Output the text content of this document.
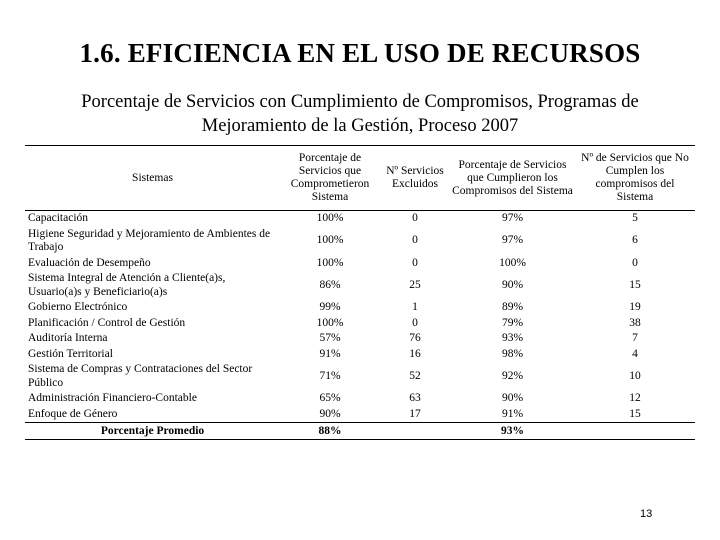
1.6. EFICIENCIA EN EL USO DE RECURSOS
Porcentaje de Servicios con Cumplimiento de Compromisos, Programas de Mejoramiento de la Gestión, Proceso 2007
Sistemas	Porcentaje de Servicios que Comprometieron Sistema	Nº Servicios Excluidos	Porcentaje de Servicios que Cumplieron los Compromisos del Sistema	Nº de Servicios que No Cumplen los compromisos del Sistema
Capacitación	100%	0	97%	5
Higiene Seguridad y Mejoramiento de Ambientes de Trabajo	100%	0	97%	6
Evaluación de Desempeño	100%	0	100%	0
Sistema Integral de Atención a Cliente(a)s, Usuario(a)s y Beneficiario(a)s	86%	25	90%	15
Gobierno Electrónico	99%	1	89%	19
Planificación / Control de Gestión	100%	0	79%	38
Auditoría Interna	57%	76	93%	7
Gestión Territorial	91%	16	98%	4
Sistema de Compras y Contrataciones del Sector Público	71%	52	92%	10
Administración Financiero-Contable	65%	63	90%	12
Enfoque de Género	90%	17	91%	15
Porcentaje Promedio	88%		93%	
13
